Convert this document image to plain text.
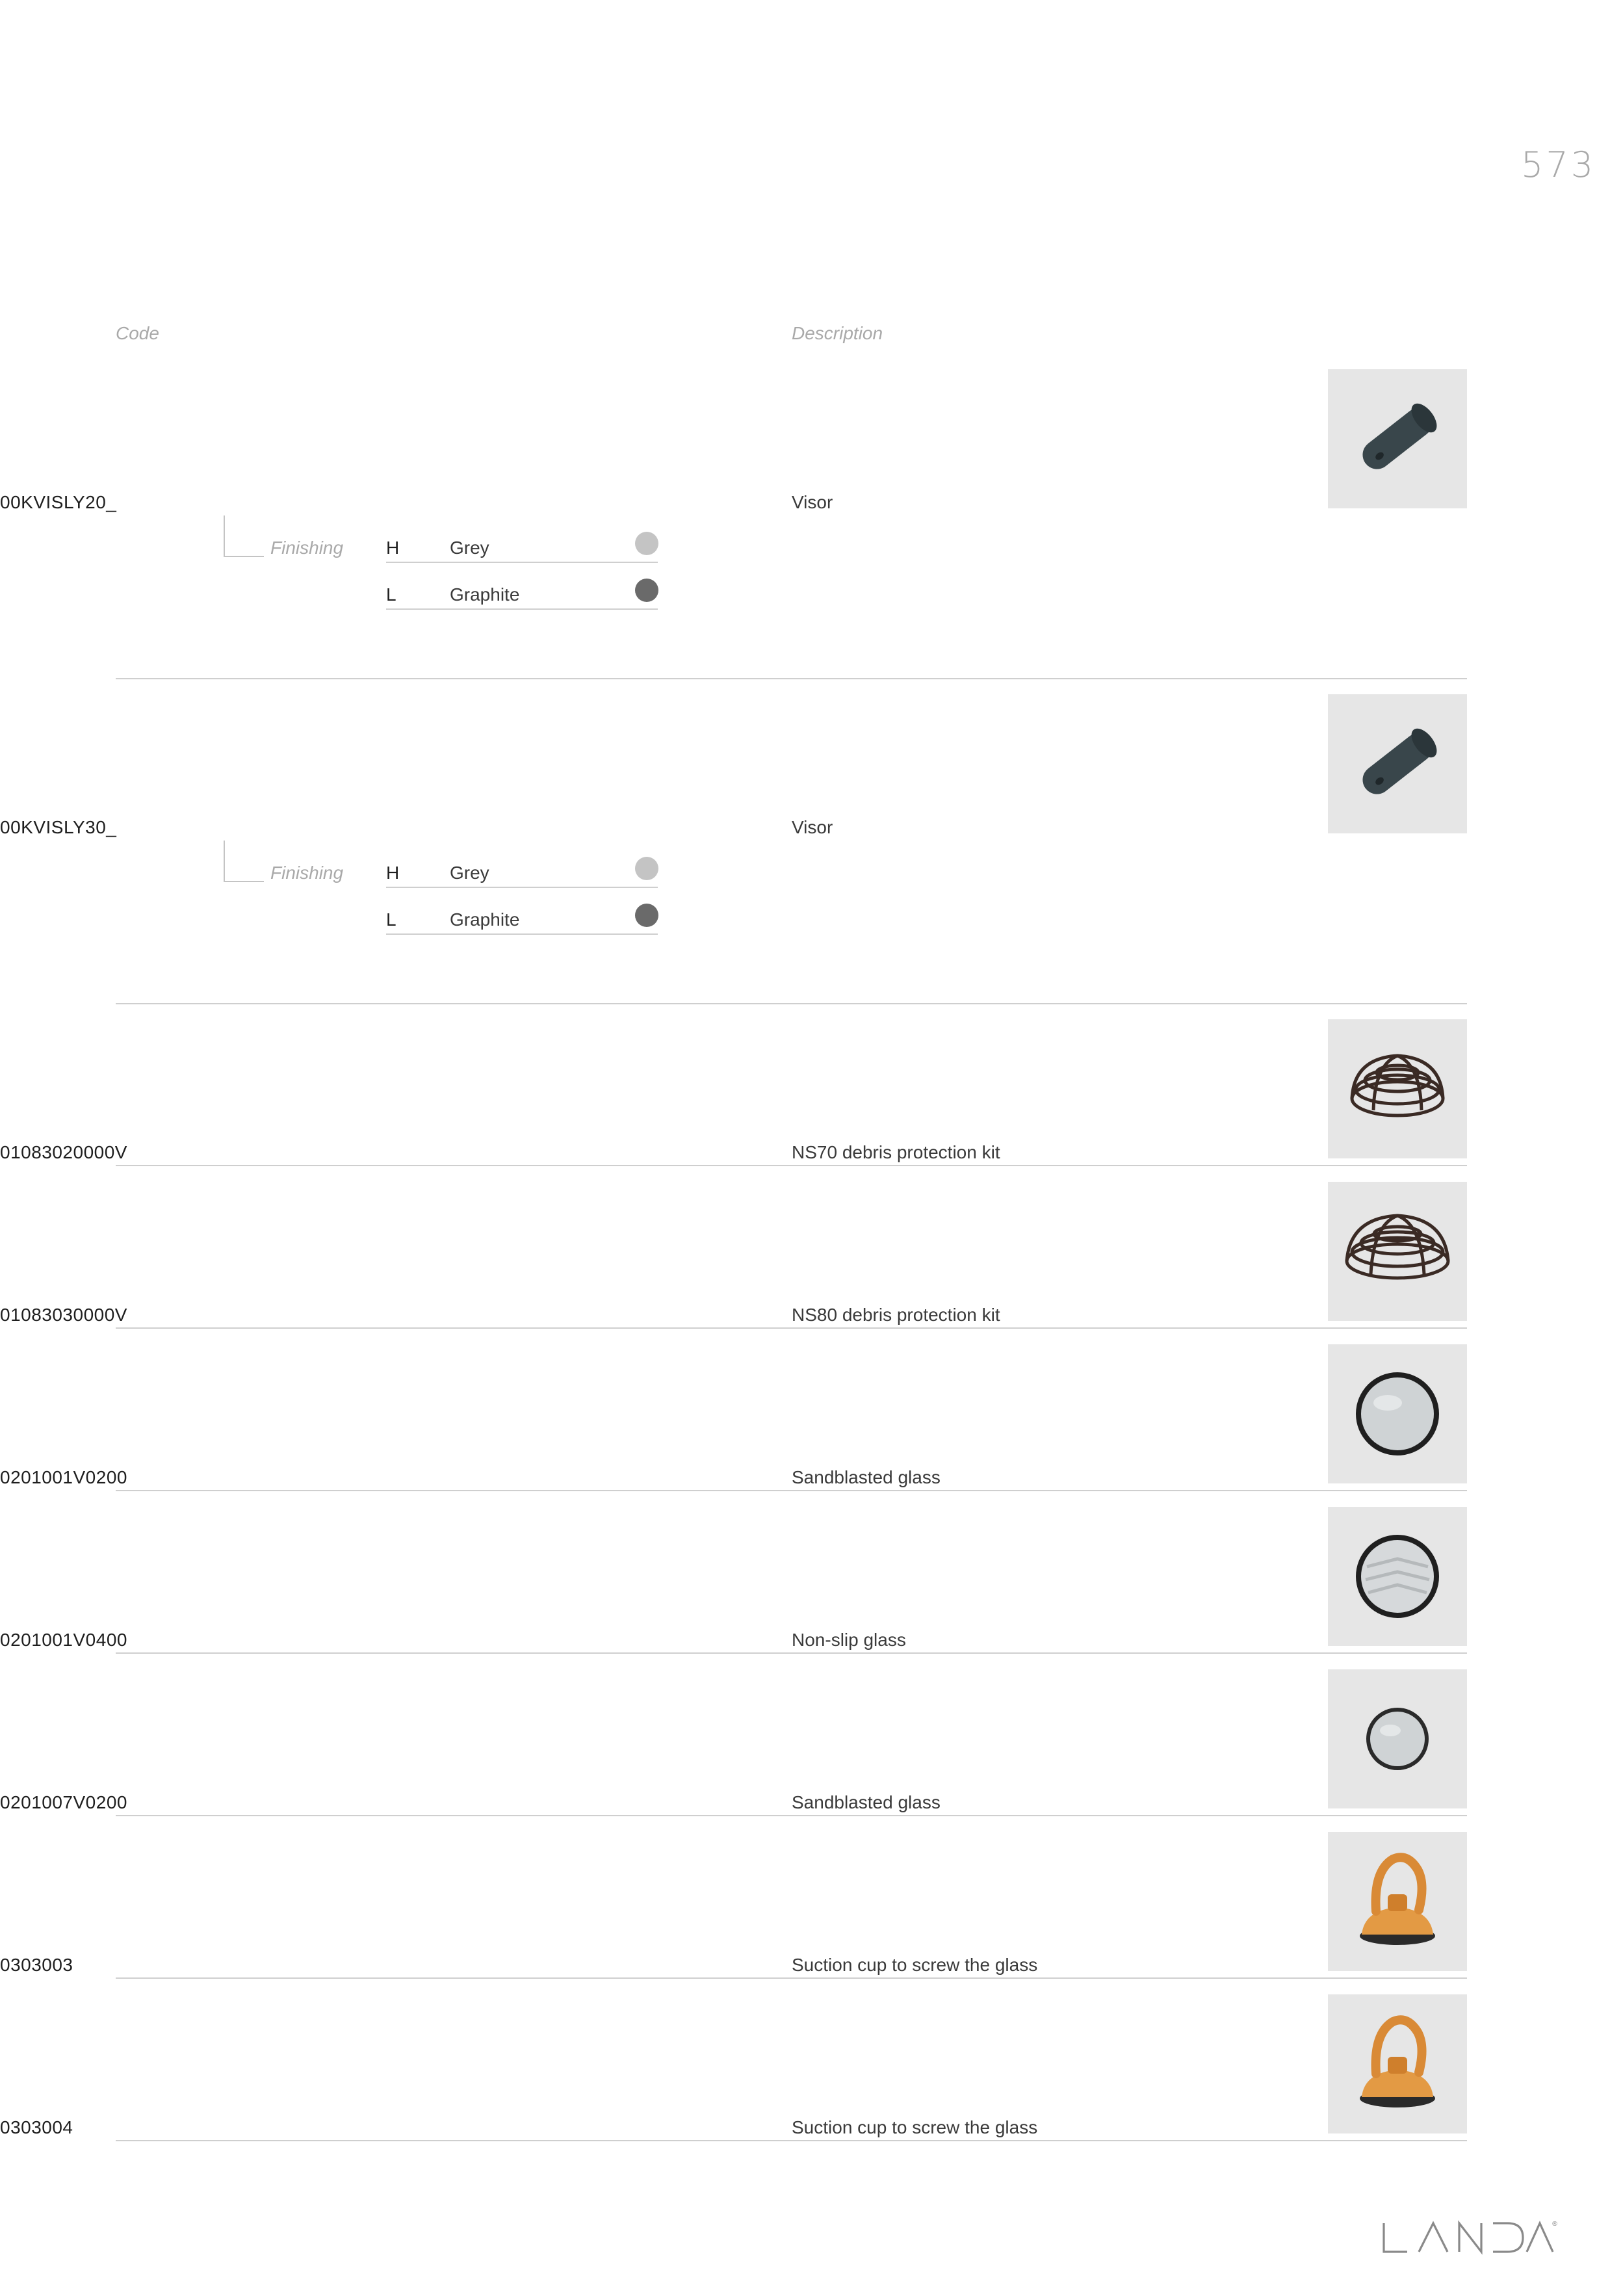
573
Code	Description
00KVISLY20_	Visor
Finishing H	Grey
L	Graphite
00KVISLY30_	Visor
Finishing H	Grey
L	Graphite
01083020000V	NS70 debris protection kit
01083030000V	NS80 debris protection kit
0201001V0200	Sandblasted glass
0201001V0400	Non-slip glass
0201007V0200	Sandblasted glass
0303003	Suction cup to screw the glass
0303004	Suction cup to screw the glass
®
